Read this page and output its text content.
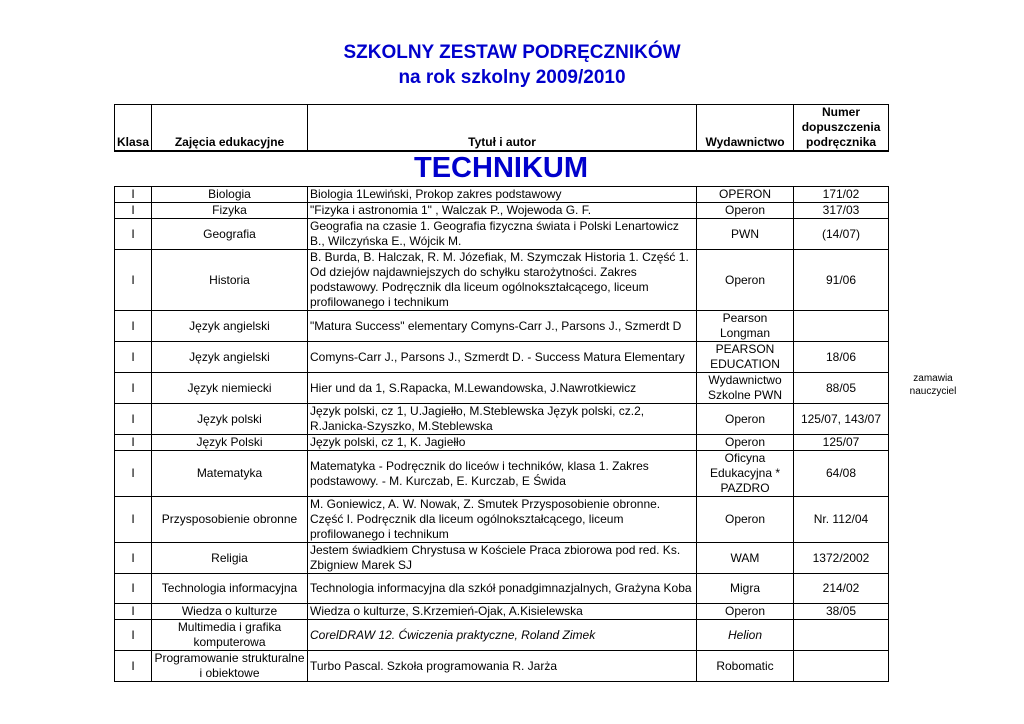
SZKOLNY ZESTAW PODRĘCZNIKÓW
na rok szkolny 2009/2010
Klasa	Zajęcia edukacyjne	Tytuł i autor	Wydawnictwo	Numer dopuszczenia podręcznika
TECHNIKUM
I	Biologia	Biologia 1Lewiński, Prokop zakres podstawowy	OPERON	171/02
I	Fizyka	"Fizyka i astronomia 1" , Walczak P., Wojewoda G. F.	Operon	317/03
I	Geografia	Geografia na czasie 1. Geografia fizyczna świata i Polski Lenartowicz B., Wilczyńska E., Wójcik M.	PWN	(14/07)
I	Historia	B. Burda, B. Halczak, R. M. Józefiak, M. Szymczak Historia 1. Część 1. Od dziejów najdawniejszych do schyłku starożytności. Zakres podstawowy. Podręcznik dla liceum ogólnokształcącego, liceum profilowanego i technikum	Operon	91/06
I	Język angielski	"Matura Success" elementary Comyns-Carr J., Parsons J., Szmerdt D	Pearson Longman	
I	Język angielski	Comyns-Carr J., Parsons J., Szmerdt D. - Success Matura Elementary	PEARSON EDUCATION	18/06
I	Język niemiecki	Hier und da 1, S.Rapacka, M.Lewandowska, J.Nawrotkiewicz	Wydawnictwo Szkolne PWN	88/05
I	Język polski	Język polski, cz 1, U.Jagiełło, M.Steblewska Język polski, cz.2, R.Janicka-Szyszko, M.Steblewska	Operon	125/07, 143/07
I	Język Polski	Język polski, cz 1, K. Jagiełło	Operon	125/07
I	Matematyka	Matematyka - Podręcznik do liceów i techników, klasa 1. Zakres podstawowy. - M. Kurczab, E. Kurczab, E Świda	Oficyna Edukacyjna * PAZDRO	64/08
I	Przysposobienie obronne	M. Goniewicz, A. W. Nowak, Z. Smutek Przysposobienie obronne. Część I. Podręcznik dla liceum ogólnokształcącego, liceum profilowanego i technikum	Operon	Nr. 112/04
I	Religia	Jestem świadkiem Chrystusa w Kościele Praca zbiorowa pod red. Ks. Zbigniew Marek SJ	WAM	1372/2002
I	Technologia informacyjna	Technologia informacyjna dla szkół ponadgimnazjalnych, Grażyna Koba	Migra	214/02
I	Wiedza o kulturze	Wiedza o kulturze, S.Krzemień-Ojak, A.Kisielewska	Operon	38/05
I	Multimedia i grafika komputerowa	CorelDRAW 12. Ćwiczenia praktyczne, Roland Zimek	Helion	
I	Programowanie strukturalne i obiektowe	Turbo Pascal. Szkoła programowania R. Jarża	Robomatic	
zamawia nauczyciel
